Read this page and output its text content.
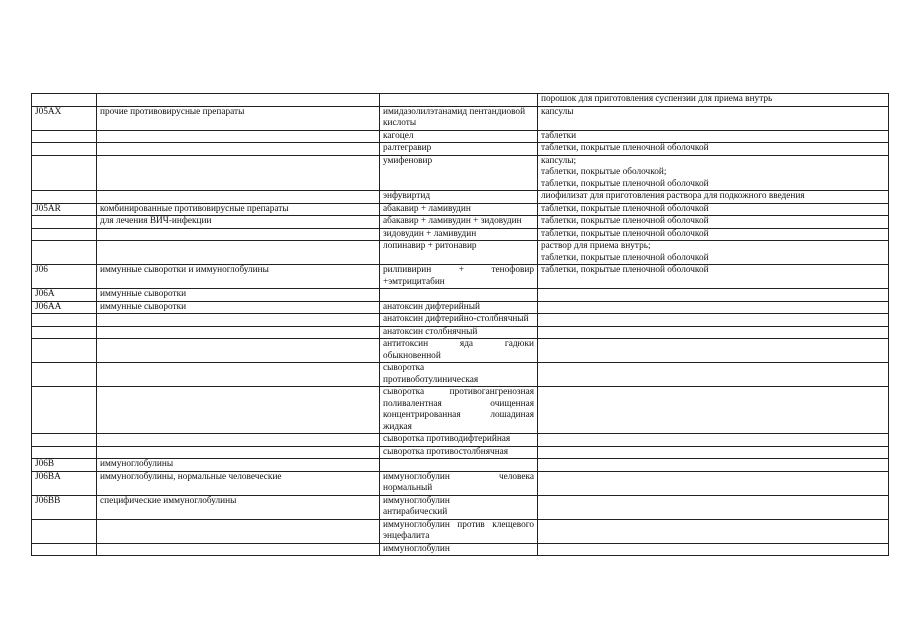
			порошок для приготовления суспензии для приема внутрь

J05AX	прочие противовирусные препараты	имидазолилэтанамид пентандиовой кислоты	капсулы

		кагоцел	таблетки

		ралтегравир	таблетки, покрытые пленочной оболочкой

		умифеновир	капсулы;
таблетки, покрытые оболочкой;
таблетки, покрытые пленочной оболочкой

		энфувиртид	лиофилизат для приготовления раствора для подкожного введения

J05AR	комбинированные противовирусные препараты	абакавир + ламивудин	таблетки, покрытые пленочной оболочкой

	для лечения ВИЧ-инфекции	абакавир + ламивудин + зидовудин	таблетки, покрытые пленочной оболочкой

		зидовудин + ламивудин	таблетки, покрытые пленочной оболочкой

		лопинавир + ритонавир	раствор для приема внутрь;
таблетки, покрытые пленочной оболочкой

J06	иммунные сыворотки и иммуноглобулины	рилпивирин + тенофовир +эмтрицитабин	таблетки, покрытые пленочной оболочкой

J06A	иммунные сыворотки		
J06AA	иммунные сыворотки	анатоксин дифтерийный	
		анатоксин дифтерийно-столбнячный	
		анатоксин столбнячный	
		антитоксин яда гадюки обыкновенной	
		сыворотка противоботулиническая	
		сыворотка противогангренозная поливалентная очищенная концентрированная лошадиная жидкая	
		сыворотка противодифтерийная	
		сыворотка противостолбнячная	
J06B	иммуноглобулины		
J06BA	иммуноглобулины, нормальные человеческие	иммуноглобулин человека нормальный	
J06BB	специфические иммуноглобулины	иммуноглобулин антирабический	
		иммуноглобулин против клещевого энцефалита	
		иммуноглобулин	
